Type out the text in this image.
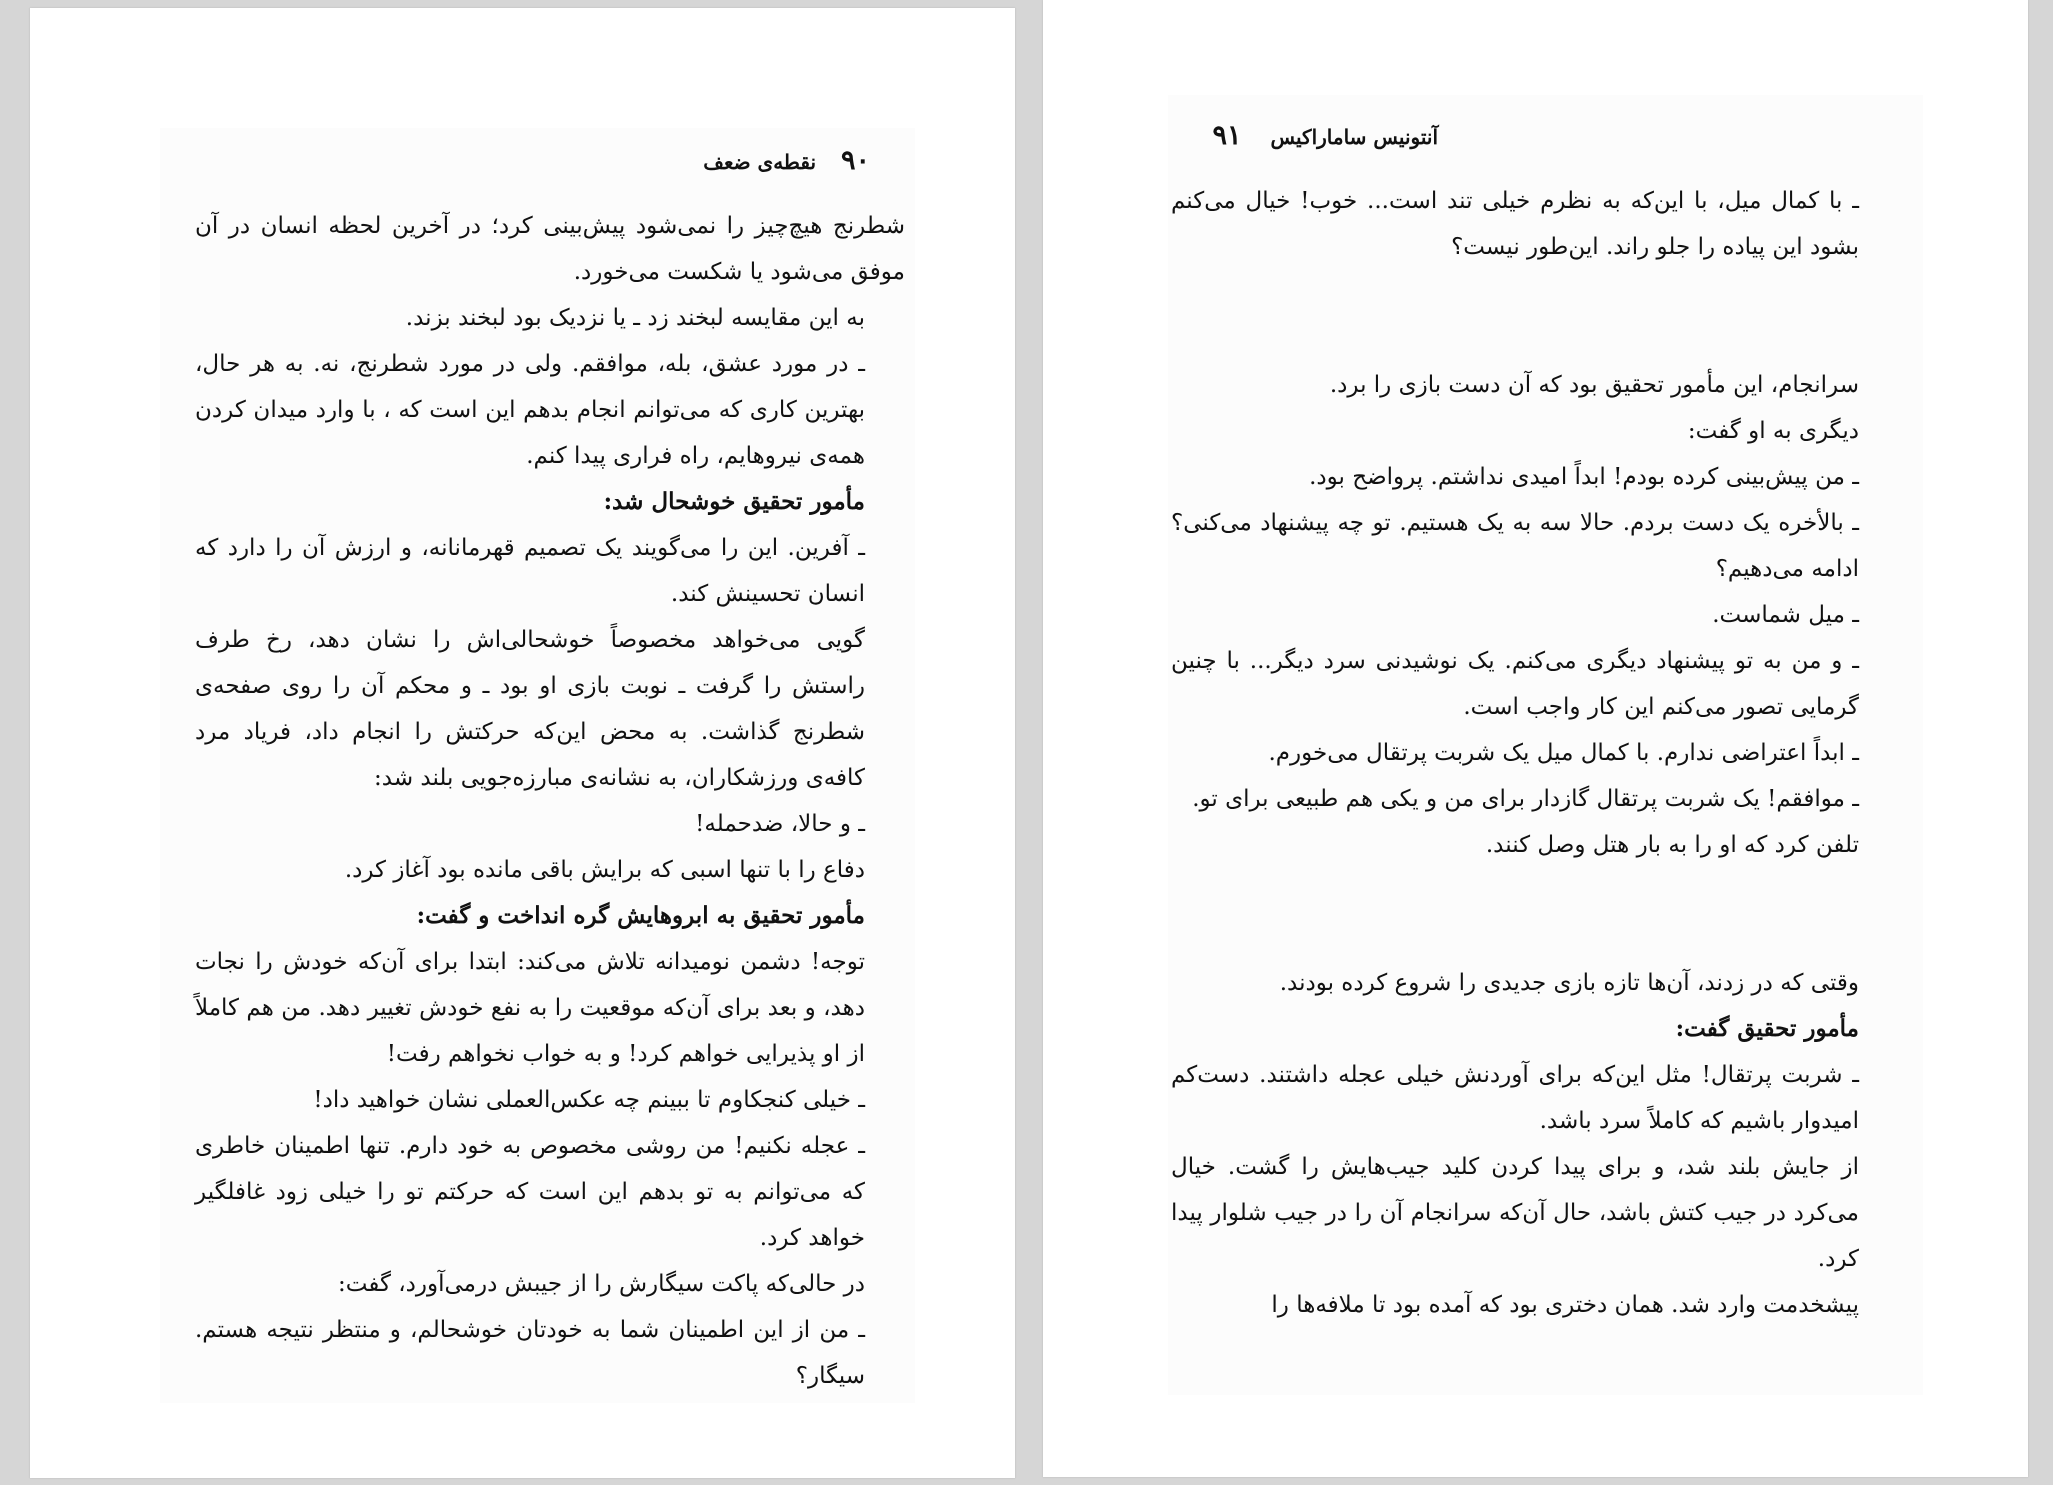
۹۰ نقطه‌ی ضعف

شطرنج هیچ‌چیز را نمی‌شود پیش‌بینی کرد؛ در آخرین لحظه انسان در آن موفق می‌شود یا شکست می‌خورد.

به این مقایسه لبخند زد ـ یا نزدیک بود لبخند بزند.

ـ در مورد عشق، بله، موافقم. ولی در مورد شطرنج، نه. به هر حال، بهترین کاری که می‌توانم انجام بدهم این است که ، با وارد میدان کردن همه‌ی نیروهایم، راه فراری پیدا کنم.

مأمور تحقیق خوشحال شد:

ـ آفرین. این را می‌گویند یک تصمیم قهرمانانه، و ارزش آن را دارد که انسان تحسینش کند.

گویی می‌خواهد مخصوصاً خوشحالی‌اش را نشان دهد، رخ طرف راستش را گرفت ـ نوبت بازی او بود ـ و محکم آن را روی صفحه‌ی شطرنج گذاشت. به محض این‌که حرکتش را انجام داد، فریاد مرد کافه‌ی ورزشکاران، به نشانه‌ی مبارزه‌جویی بلند شد:

ـ و حالا، ضدحمله!

دفاع را با تنها اسبی که برایش باقی مانده بود آغاز کرد.

مأمور تحقیق به ابروهایش گره انداخت و گفت:

توجه! دشمن نومیدانه تلاش می‌کند: ابتدا برای آن‌که خودش را نجات دهد، و بعد برای آن‌که موقعیت را به نفع خودش تغییر دهد. من هم کاملاً از او پذیرایی خواهم کرد! و به خواب نخواهم رفت!

ـ خیلی کنجکاوم تا ببینم چه عکس‌العملی نشان خواهید داد!

ـ عجله نکنیم! من روشی مخصوص به خود دارم. تنها اطمینان خاطری که می‌توانم به تو بدهم این است که حرکتم تو را خیلی زود غافلگیر خواهد کرد.

در حالی‌که پاکت سیگارش را از جیبش درمی‌آورد، گفت:

ـ من از این اطمینان شما به خودتان خوشحالم، و منتظر نتیجه هستم. سیگار؟

آنتونیس ساماراکیس ۹۱

ـ با کمال میل، با این‌که به نظرم خیلی تند است... خوب! خیال می‌کنم بشود این پیاده را جلو راند. این‌طور نیست؟

سرانجام، این مأمور تحقیق بود که آن دست بازی را برد.

دیگری به او گفت:

ـ من پیش‌بینی کرده بودم! ابداً امیدی نداشتم. پرواضح بود.

ـ بالأخره یک دست بردم. حالا سه به یک هستیم. تو چه پیشنهاد می‌کنی؟ ادامه می‌دهیم؟

ـ میل شماست.

ـ و من به تو پیشنهاد دیگری می‌کنم. یک نوشیدنی سرد دیگر... با چنین گرمایی تصور می‌کنم این کار واجب است.

ـ ابداً اعتراضی ندارم. با کمال میل یک شربت پرتقال می‌خورم.

ـ موافقم! یک شربت پرتقال گازدار برای من و یکی هم طبیعی برای تو.

تلفن کرد که او را به بار هتل وصل کنند.

وقتی که در زدند، آن‌ها تازه بازی جدیدی را شروع کرده بودند.

مأمور تحقیق گفت:

ـ شربت پرتقال! مثل این‌که برای آوردنش خیلی عجله داشتند. دست‌کم امیدوار باشیم که کاملاً سرد باشد.

از جایش بلند شد، و برای پیدا کردن کلید جیب‌هایش را گشت. خیال می‌کرد در جیب کتش باشد، حال آن‌که سرانجام آن را در جیب شلوار پیدا کرد.

پیشخدمت وارد شد. همان دختری بود که آمده بود تا ملافه‌ها را
